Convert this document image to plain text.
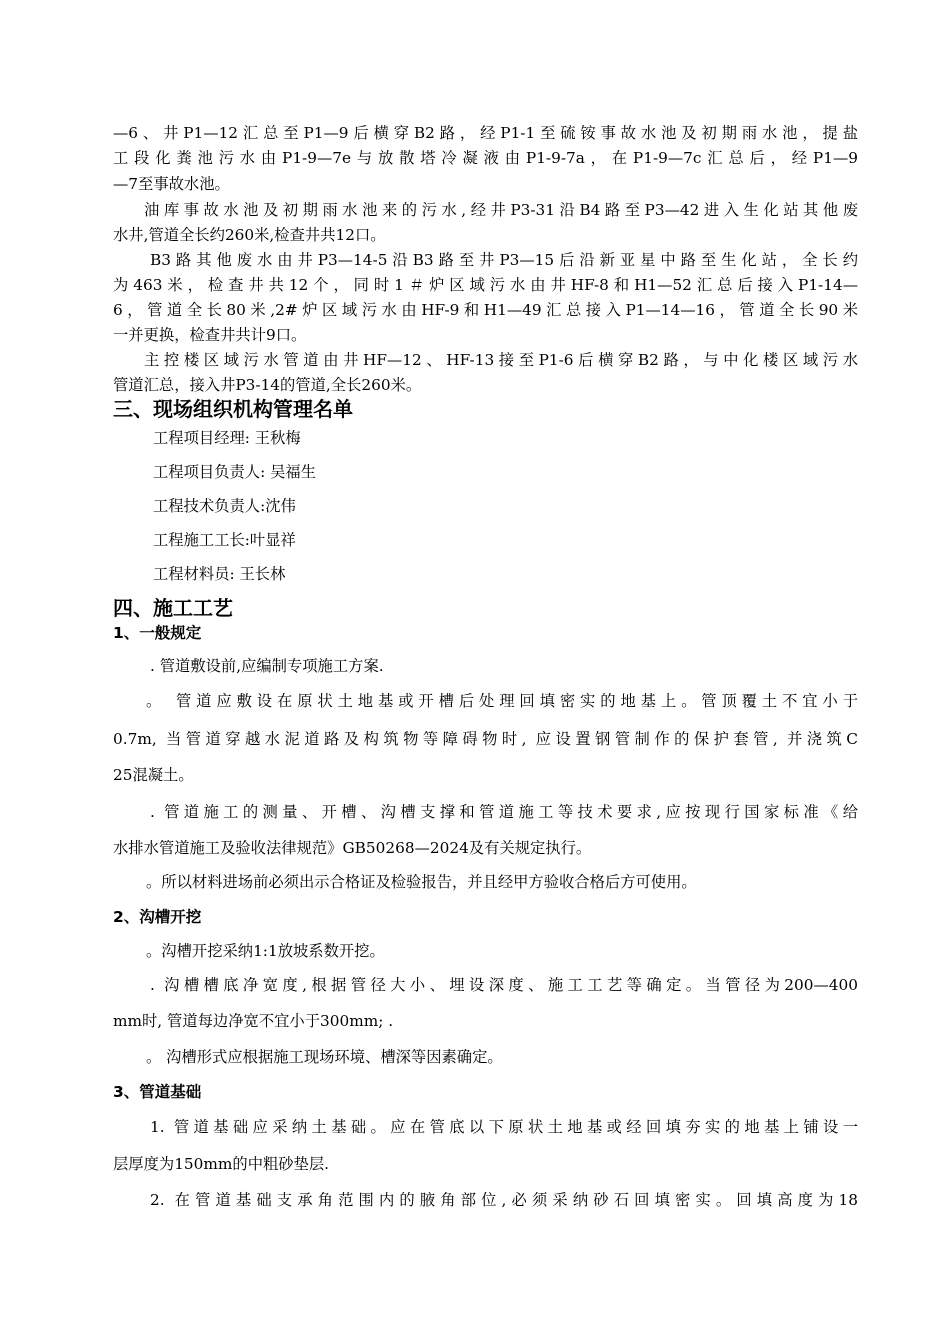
—6、井P1—12汇总至P1—9后横穿B2路，经P1-1至硫铵事故水池及初期雨水池，提盐
工段化粪池污水由P1-9—7e与放散塔冷凝液由P1-9-7a，在P1-9—7c汇总后，经P1—9
—7至事故水池。
油库事故水池及初期雨水池来的污水,经井P3-31沿B4路至P3—42进入生化站其他废
水井,管道全长约260米,检查井共12口。
B3路其他废水由井P3—14-5沿B3路至井P3—15后沿新亚星中路至生化站，全长约
为463米，检查井共12个，同时1＃炉区域污水由井HF-8和H1—52汇总后接入P1-14—
6，管道全长80米,2#炉区域污水由HF-9和H1—49汇总接入P1—14—16，管道全长90米
一并更换，检查井共计9口。
主控楼区域污水管道由井HF—12、HF-13接至P1-6后横穿B2路，与中化楼区域污水
管道汇总，接入井P3-14的管道,全长260米。
三、现场组织机构管理名单
工程项目经理: 王秋梅
工程项目负责人: 吴福生
工程技术负责人:沈伟
工程施工工长:叶显祥
工程材料员: 王长林
四、施工工艺
1、一般规定
. 管道敷设前,应编制专项施工方案.
。 管道应敷设在原状土地基或开槽后处理回填密实的地基上。管顶覆土不宜小于
0.7m, 当管道穿越水泥道路及构筑物等障碍物时, 应设置钢管制作的保护套管, 并浇筑C
25混凝土。
. 管道施工的测量、开槽、沟槽支撑和管道施工等技术要求,应按现行国家标准《给
水排水管道施工及验收法律规范》GB50268—2024及有关规定执行。
。所以材料进场前必须出示合格证及检验报告，并且经甲方验收合格后方可使用。
2、沟槽开挖
。沟槽开挖采纳1:1放坡系数开挖。
. 沟槽槽底净宽度,根据管径大小、埋设深度、施工工艺等确定。当管径为200—400
mm时, 管道每边净宽不宜小于300mm; .
。 沟槽形式应根据施工现场环境、槽深等因素确定。
3、管道基础
1. 管道基础应采纳土基础。应在管底以下原状土地基或经回填夯实的地基上铺设一
层厚度为150mm的中粗砂垫层.
2. 在管道基础支承角范围内的腋角部位,必须采纳砂石回填密实。回填高度为18
